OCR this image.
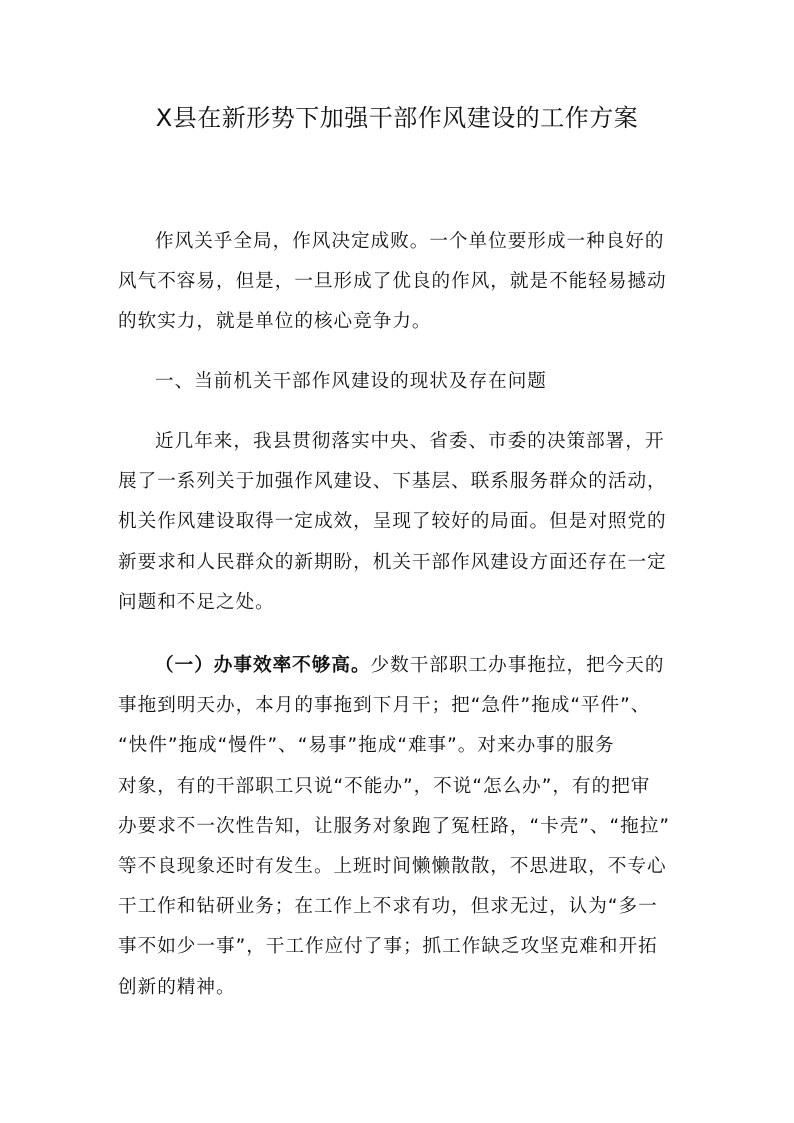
X县在新形势下加强干部作风建设的工作方案

作风关乎全局，作风决定成败。一个单位要形成一种良好的
风气不容易，但是，一旦形成了优良的作风，就是不能轻易撼动
的软实力，就是单位的核心竞争力。

一、当前机关干部作风建设的现状及存在问题

近几年来，我县贯彻落实中央、省委、市委的决策部署，开
展了一系列关于加强作风建设、下基层、联系服务群众的活动，
机关作风建设取得一定成效，呈现了较好的局面。但是对照党的
新要求和人民群众的新期盼，机关干部作风建设方面还存在一定
问题和不足之处。

（一）办事效率不够高。少数干部职工办事拖拉，把今天的
事拖到明天办，本月的事拖到下月干；把“急件”拖成“平件”、
“快件”拖成“慢件”、“易事”拖成“难事”。对来办事的服务
对象，有的干部职工只说“不能办”，不说“怎么办”，有的把审
办要求不一次性告知，让服务对象跑了冤枉路，“卡壳”、“拖拉”
等不良现象还时有发生。上班时间懒懒散散，不思进取，不专心
干工作和钻研业务；在工作上不求有功，但求无过，认为“多一
事不如少一事”，干工作应付了事；抓工作缺乏攻坚克难和开拓
创新的精神。
